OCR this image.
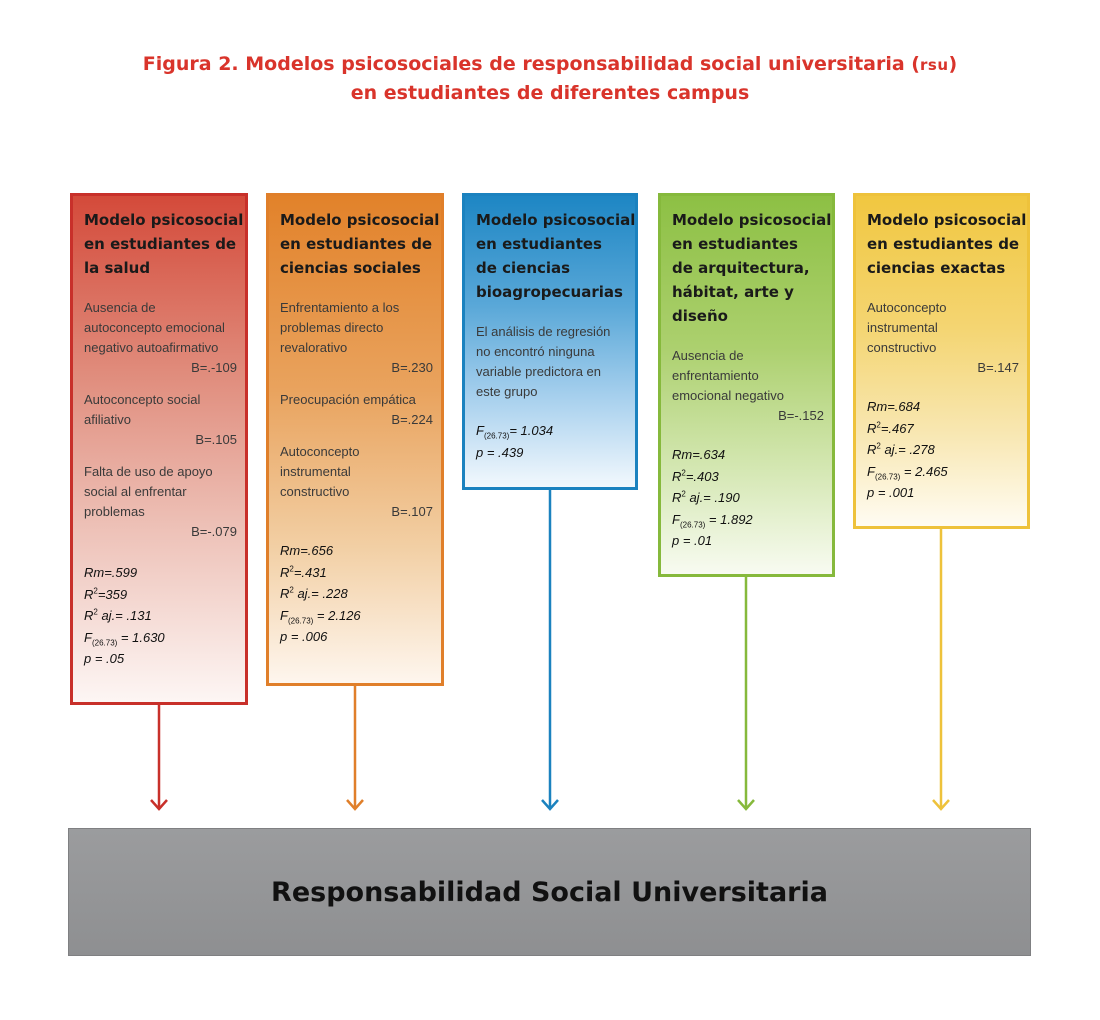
Figura 2. Modelos psicosociales de responsabilidad social universitaria (rsu)
en estudiantes de diferentes campus
Modelo psicosocial
en estudiantes de
la salud
Ausencia de
autoconcepto emocional
negativo autoafirmativo
B=.-109
Autoconcepto social
afiliativo
B=.105
Falta de uso de apoyo
social al enfrentar
problemas
B=-.079
Rm=.599
$R^2=359$
$R^2$ aj.= .131
$F_{(26.73)} = 1.630$
p = .05
Modelo psicosocial
en estudiantes de
ciencias sociales
Enfrentamiento a los
problemas directo
revalorativo
B=.230
Preocupación empática
B=.224
Autoconcepto
instrumental
constructivo
B=.107
Rm=.656
$R^2=.431$
$R^2$ aj.= .228
$F_{(26.73)} = 2.126$
p = .006
Modelo psicosocial
en estudiantes
de ciencias
bioagropecuarias
El análisis de regresión
no encontró ninguna
variable predictora en
este grupo
$F_{(26.73)}= 1.034$
p = .439
Modelo psicosocial
en estudiantes
de arquitectura,
hábitat, arte y
diseño
Ausencia de
enfrentamiento
emocional negativo
B=-.152
Rm=.634
$R^2=.403$
$R^2$ aj.= .190
$F_{(26.73)} = 1.892$
p = .01
Modelo psicosocial
en estudiantes de
ciencias exactas
Autoconcepto
instrumental
constructivo
B=.147
Rm=.684
$R^2=.467$
$R^2$ aj.= .278
$F_{(26.73)} = 2.465$
p = .001
Responsabilidad Social Universitaria
